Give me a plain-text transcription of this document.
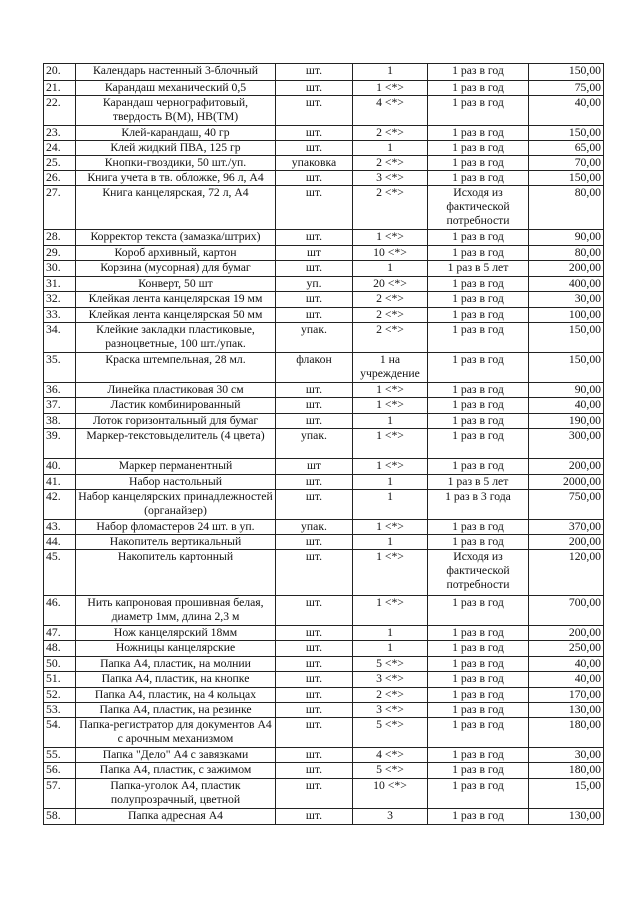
20.	Календарь настенный 3-блочный	шт.	1	1 раз в год	150,00
21.	Карандаш механический 0,5	шт.	1 <*>	1 раз в год	75,00
22.	Карандаш чернографитовый, твердость В(М), НВ(ТМ)	шт.	4 <*>	1 раз в год	40,00
23.	Клей-карандаш, 40 гр	шт.	2 <*>	1 раз в год	150,00
24.	Клей жидкий ПВА, 125 гр	шт.	1	1 раз в год	65,00
25.	Кнопки-гвоздики, 50 шт./уп.	упаковка	2 <*>	1 раз в год	70,00
26.	Книга учета в тв. обложке, 96 л, А4	шт.	3 <*>	1 раз в год	150,00
27.	Книга канцелярская, 72 л, А4	шт.	2 <*>	Исходя из фактической потребности	80,00
28.	Корректор текста (замазка/штрих)	шт.	1 <*>	1 раз в год	90,00
29.	Короб архивный, картон	шт	10 <*>	1 раз в год	80,00
30.	Корзина (мусорная) для бумаг	шт.	1	1 раз в 5 лет	200,00
31.	Конверт, 50 шт	уп.	20 <*>	1 раз в год	400,00
32.	Клейкая лента канцелярская 19 мм	шт.	2 <*>	1 раз в год	30,00
33.	Клейкая лента канцелярская 50 мм	шт.	2 <*>	1 раз в год	100,00
34.	Клейкие закладки пластиковые, разноцветные, 100 шт./упак.	упак.	2 <*>	1 раз в год	150,00
35.	Краска штемпельная, 28 мл.	флакон	1 на учреждение	1 раз в год	150,00
36.	Линейка пластиковая 30 см	шт.	1 <*>	1 раз в год	90,00
37.	Ластик комбинированный	шт.	1 <*>	1 раз в год	40,00
38.	Лоток горизонтальный для бумаг	шт.	1	1 раз в год	190,00
39.	Маркер-текстовыделитель (4 цвета)	упак.	1 <*>	1 раз в год	300,00
40.	Маркер перманентный	шт	1 <*>	1 раз в год	200,00
41.	Набор настольный	шт.	1	1 раз в 5 лет	2000,00
42.	Набор канцелярских принадлежностей (органайзер)	шт.	1	1 раз в 3 года	750,00
43.	Набор фломастеров 24 шт. в уп.	упак.	1 <*>	1 раз в год	370,00
44.	Накопитель вертикальный	шт.	1	1 раз в год	200,00
45.	Накопитель картонный	шт.	1 <*>	Исходя из фактической потребности	120,00
46.	Нить капроновая прошивная белая, диаметр 1мм, длина 2,3 м	шт.	1 <*>	1 раз в год	700,00
47.	Нож канцелярский 18мм	шт.	1	1 раз в год	200,00
48.	Ножницы канцелярские	шт.	1	1 раз в год	250,00
50.	Папка А4, пластик, на молнии	шт.	5 <*>	1 раз в год	40,00
51.	Папка А4, пластик, на кнопке	шт.	3 <*>	1 раз в год	40,00
52.	Папка А4, пластик, на 4 кольцах	шт.	2 <*>	1 раз в год	170,00
53.	Папка А4, пластик, на резинке	шт.	3 <*>	1 раз в год	130,00
54.	Папка-регистратор для документов А4 с арочным механизмом	шт.	5 <*>	1 раз в год	180,00
55.	Папка "Дело" А4 с завязками	шт.	4 <*>	1 раз в год	30,00
56.	Папка А4, пластик, с зажимом	шт.	5 <*>	1 раз в год	180,00
57.	Папка-уголок А4, пластик полупрозрачный, цветной	шт.	10 <*>	1 раз в год	15,00
58.	Папка адресная А4	шт.	3	1 раз в год	130,00
